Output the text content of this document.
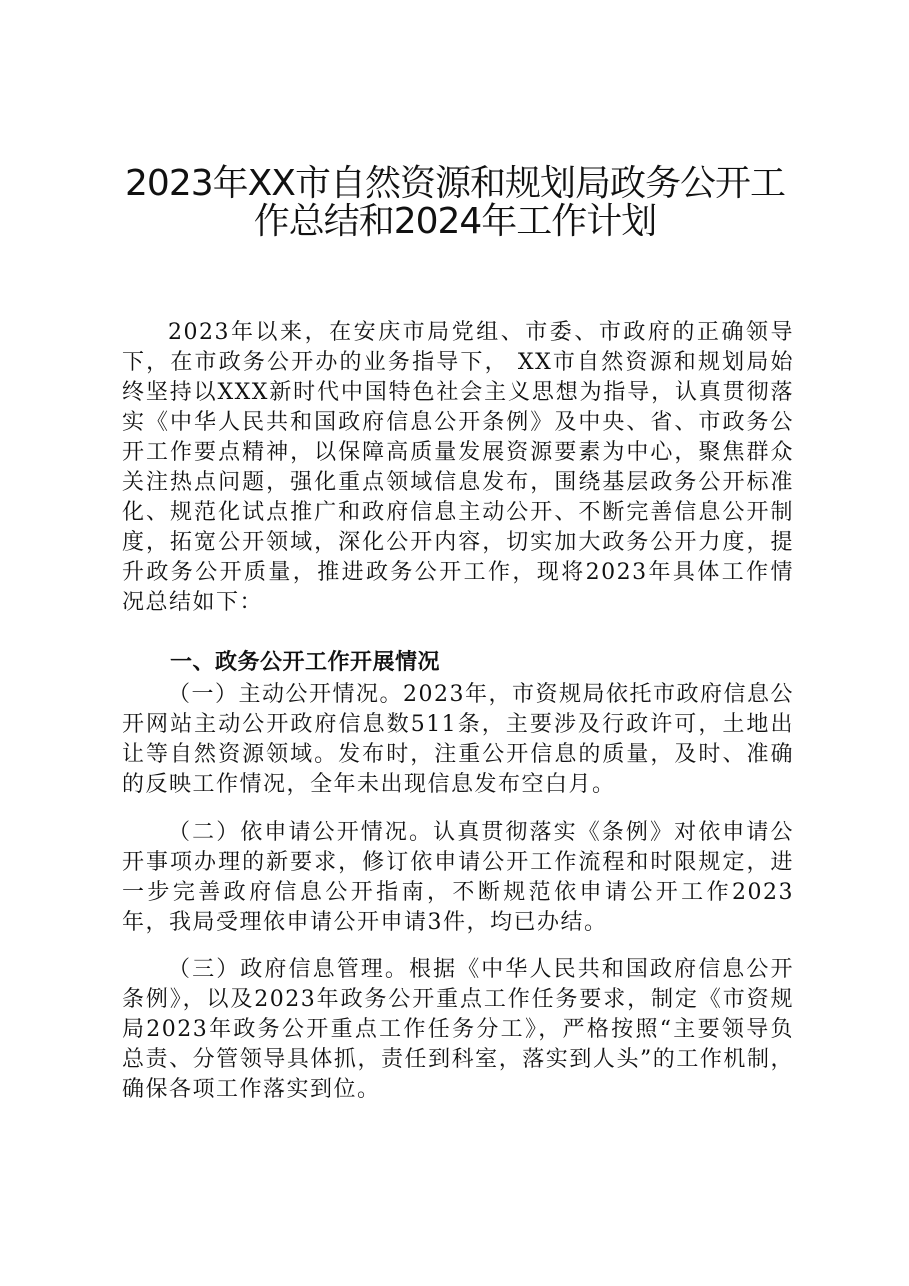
2023年XX市自然资源和规划局政务公开工
作总结和2024年工作计划

2023年以来，在安庆市局党组、市委、市政府的正确领导下，在市政务公开办的业务指导下， XX市自然资源和规划局始终坚持以XXX新时代中国特色社会主义思想为指导，认真贯彻落实《中华人民共和国政府信息公开条例》及中央、省、市政务公开工作要点精神，以保障高质量发展资源要素为中心，聚焦群众关注热点问题，强化重点领域信息发布，围绕基层政务公开标准化、规范化试点推广和政府信息主动公开、不断完善信息公开制度，拓宽公开领域，深化公开内容，切实加大政务公开力度，提升政务公开质量，推进政务公开工作，现将2023年具体工作情况总结如下：

一、政务公开工作开展情况

（一）主动公开情况。2023年，市资规局依托市政府信息公开网站主动公开政府信息数511条，主要涉及行政许可，土地出让等自然资源领域。发布时，注重公开信息的质量，及时、准确的反映工作情况，全年未出现信息发布空白月。

（二）依申请公开情况。认真贯彻落实《条例》对依申请公开事项办理的新要求，修订依申请公开工作流程和时限规定，进一步完善政府信息公开指南，不断规范依申请公开工作2023年，我局受理依申请公开申请3件，均已办结。

（三）政府信息管理。根据《中华人民共和国政府信息公开条例》，以及2023年政务公开重点工作任务要求，制定《市资规局2023年政务公开重点工作任务分工》，严格按照“主要领导负总责、分管领导具体抓，责任到科室，落实到人头”的工作机制，确保各项工作落实到位。
